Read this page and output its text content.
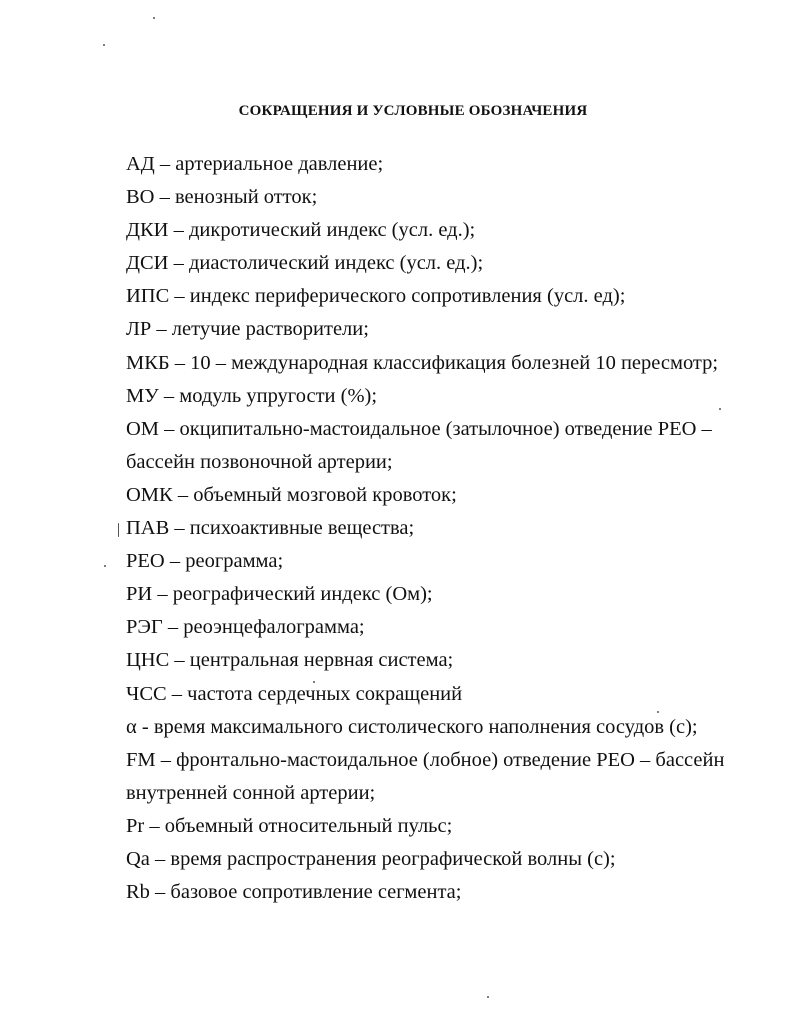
СОКРАЩЕНИЯ И УСЛОВНЫЕ ОБОЗНАЧЕНИЯ
АД – артериальное давление;
ВО – венозный отток;
ДКИ – дикротический индекс (усл. ед.);
ДСИ – диастолический индекс (усл. ед.);
ИПС – индекс периферического сопротивления (усл. ед);
ЛР – летучие растворители;
МКБ – 10 – международная классификация болезней 10 пересмотр;
МУ – модуль упругости (%);
ОМ – окципитально-мастоидальное (затылочное) отведение РЕО –
бассейн позвоночной артерии;
ОМК – объемный мозговой кровоток;
ПАВ – психоактивные вещества;
РЕО – реограмма;
РИ – реографический индекс (Ом);
РЭГ – реоэнцефалограмма;
ЦНС – центральная нервная система;
ЧСС – частота сердечных сокращений
α - время максимального систолического наполнения сосудов (с);
FM – фронтально-мастоидальное (лобное) отведение РЕО – бассейн
внутренней сонной артерии;
Pr – объемный относительный пульс;
Qa – время распространения реографической волны (с);
Rb – базовое сопротивление сегмента;
